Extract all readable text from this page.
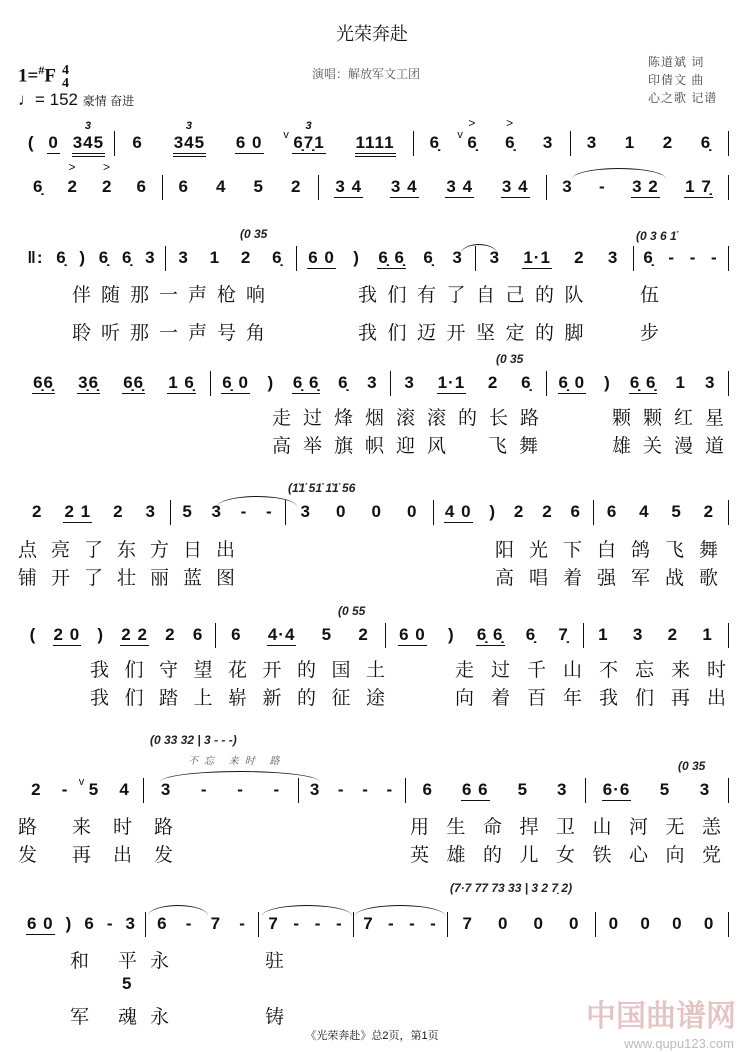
光荣奔赴
1=#F 4
4
♩= 152 豪情 奋进
演唱：解放军文工团
陈道斌 词
印倩文 曲
心之歌 记谱
( 0
3
345 6
3
345 6 0 v
3
6̣7̣1 1111 6̣ v
>
6̣
>
6̣ 3 3 1 2 6̣
6̣
>
2
>
2 6 6 4 5 2 3 4 3 4 3 4 3 4 3 - 3 2 1 7̣
‖: 6̣ ) 6̣ 6̣ 3 3 1 2 6̣ 6 0 ) 6̣ 6̣ 6̣ 3 3 1·1 2 3 6̣ - - -
6̣6̣ 3̣6̣ 6̣6̣ 1 6̣ 6̣ 0 ) 6̣ 6̣ 6̣ 3 3 1·1 2 6̣ 6̣ 0 ) 6̣ 6̣ 1 3
2 2 1 2 3 5 3 - - 3 0 0 0 4 0 ) 2 2 6 6 4 5 2
( 2 0 ) 2 2 2 6 6 4·4 5 2 6 0 ) 6̣ 6̣ 6̣ 7̣ 1 3 2 1
2 - v 5 4 3 - - - 3 - - - 6 6 6 5 3 6·6 5 3
6 0 ) 6 - 3 6 - 7 - 7 - - - 7 - - - 7 0 0 0 0 0 0 0
(0 35	(0 3 6 1̇
(0 35
(1̇1̇ 51̇ 1̇1̇ 56
(0 55
(0 33 32 | 3 - - -)
(0 35
(7·7 77 73 33 | 3 2 7̣ 2)
不忘 来时 路
伴随那一声枪响	我们有了自己的队 伍
聆听那一声号角	我们迈开坚定的脚 步
走过烽烟滚滚的长路	颗颗红星
高举旗帜迎风 飞舞	雄关漫道
点亮了东方日出	阳光下白鸽飞舞
铺开了壮丽蓝图	高唱着强军战歌
我们守望花开的国土	走过千山不忘来时
我们踏上崭新的征途	向着百年我们再出
路 来时路	用生命捍卫山河无恙
发 再出发	英雄的儿女铁心向党
和 平永	驻
5
军 魂永	铸
《光荣奔赴》总2页，第1页
中国曲谱网
www.qupu123.com
